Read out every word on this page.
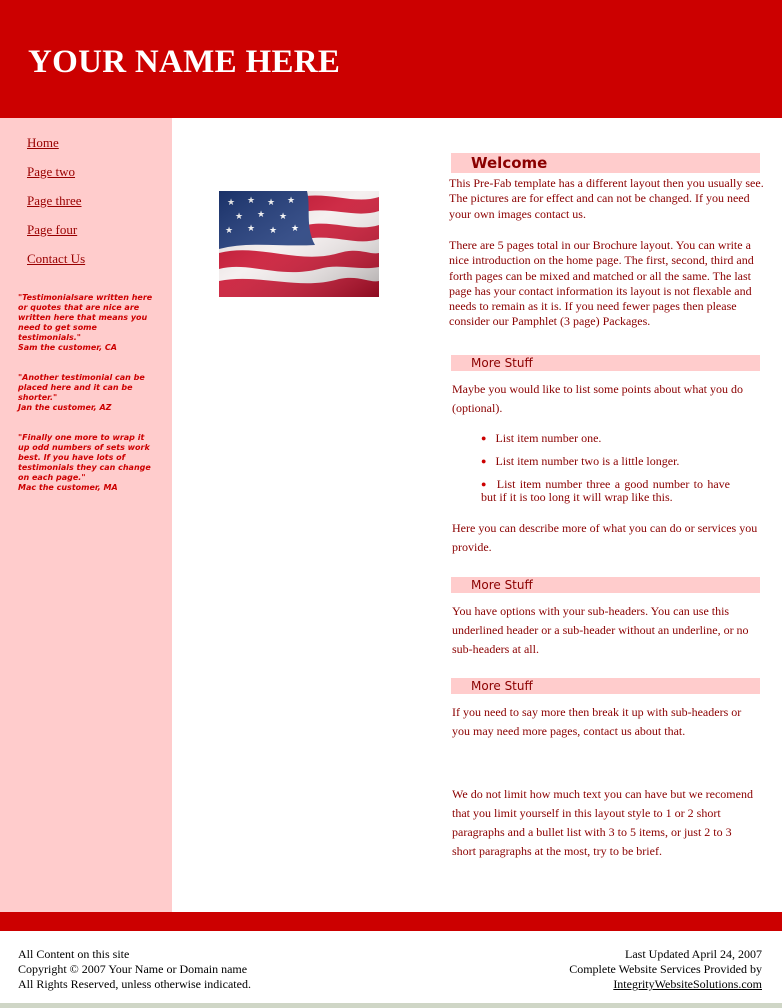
YOUR NAME HERE
Home
Page two
Page three
Page four
Contact Us

"Testimonialsare written here or quotes that are nice are written here that means you need to get some testimonials."
Sam the customer, CA

"Another testimonial can be placed here and it can be shorter."
Jan the customer, AZ

"Finally one more to wrap it up odd numbers of sets work best. If you have lots of testimonials they can change on each page."
Mac the customer, MA

Welcome

This Pre-Fab template has a different layout then you usually see. The pictures are for effect and can not be changed. If you need your own images contact us.

There are 5 pages total in our Brochure layout. You can write a nice introduction on the home page. The first, second, third and forth pages can be mixed and matched or all the same. The last page has your contact information its layout is not flexable and needs to remain as it is. If you need fewer pages then please consider our Pamphlet (3 page) Packages.

More Stuff

Maybe you would like to list some points about what you do (optional).

● List item number one.

● List item number two is a little longer.

● List item number three a good number to have but if it is too long it will wrap like this.

Here you can describe more of what you can do or services you provide.

More Stuff

You have options with your sub-headers. You can use this underlined header or a sub-header without an underline, or no sub-headers at all.

More Stuff

If you need to say more then break it up with sub-headers or you may need more pages, contact us about that.

We do not limit how much text you can have but we recomend that you limit yourself in this layout style to 1 or 2 short paragraphs and a bullet list with 3 to 5 items, or just 2 to 3 short paragraphs at the most, try to be brief.

All Content on this site

Copyright © 2007 Your Name or Domain name

All Rights Reserved, unless otherwise indicated.

Last Updated April 24, 2007

Complete Website Services Provided by

IntegrityWebsiteSolutions.com
